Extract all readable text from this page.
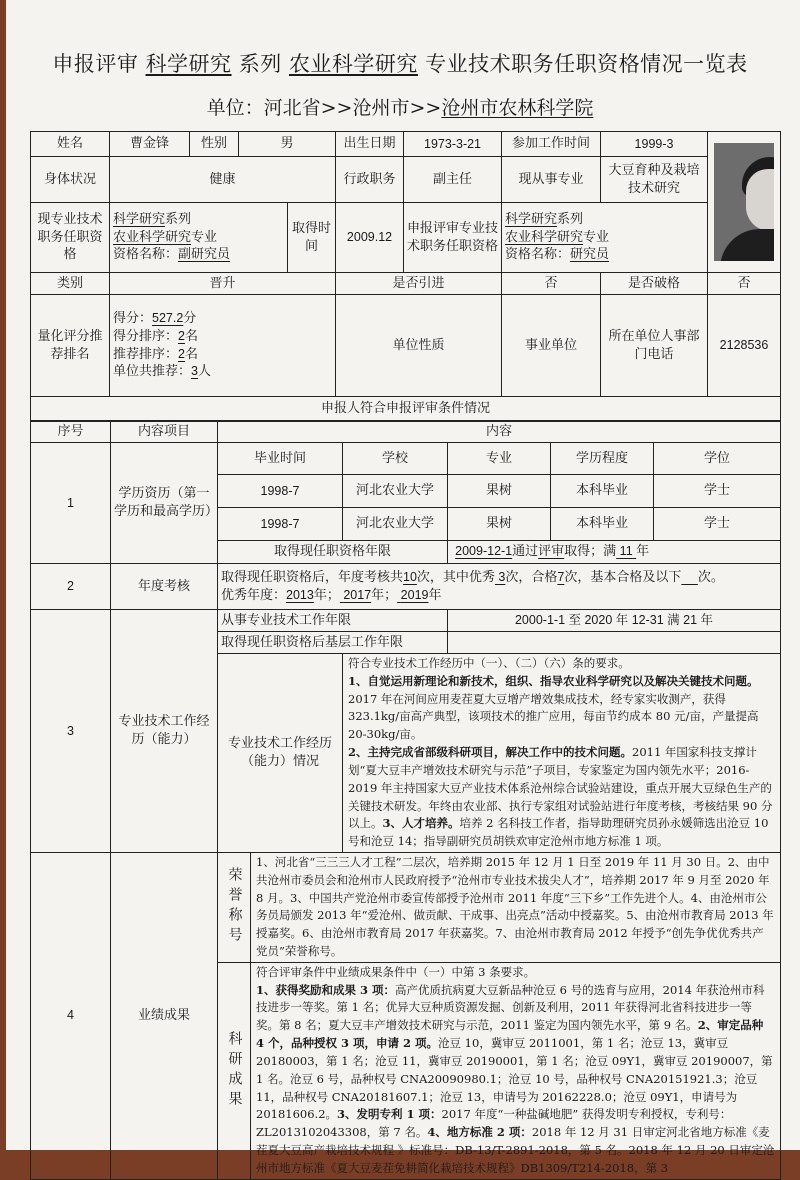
申报评审 科学研究 系列 农业科学研究 专业技术职务任职资格情况一览表
单位：河北省>>沧州市>>沧州市农林科学院
姓名	曹金锋	性别	男		出生日期	1973-3-21	参加工作时间	1999-3	

身体状况	健康				行政职务	副主任	现从事专业	大豆育种及栽培技术研究	
现专业技术职务任职资格	科学研究系列
农业科学研究专业
资格名称：副研究员			取得时间	2009.12	申报评审专业技术职务任职资格	科学研究系列
农业科学研究专业
资格名称：研究员		
类别	晋升				是否引进		否	是否破格	否
量化评分推荐排名	得分：527.2分
得分排序：2名
推荐排序：2名
单位共推荐：3人				单位性质		事业单位	所在单位人事部门电话	2128536
申报人符合申报评审条件情况									
序号	内容项目	内容					
1	学历资历（第一学历和最高学历）	毕业时间		学校	专业	学历程度	学位
		1998-7		河北农业大学	果树	本科毕业	学士
		1998-7		河北农业大学	果树	本科毕业	学士
		取得现任职资格年限			2009-12-1通过评审取得；满 11 年		
2	年度考核	取得现任职资格后，年度考核共10次，其中优秀 3次，合格7次，基本合格及以下 次。
优秀年度：2013年； 2017年； 2019年					
3	专业技术工作经历（能力）	从事专业技术工作年限			2000-1-1 至 2020 年 12-31 满 21 年		
		取得现任职资格后基层工作年限					
		专业技术工作经历（能力）情况		符合专业技术工作经历中（一）、（二）（六）条的要求。
1、自觉运用新理论和新技术，组织、指导农业科学研究以及解决关键技术问题。2017 年在河间应用麦茬夏大豆增产增效集成技术，经专家实收测产，获得 323.1kg/亩高产典型，该项技术的推广应用，每亩节约成本 80 元/亩，产量提高 20-30kg/亩。
2、主持完成省部级科研项目，解决工作中的技术问题。2011 年国家科技支撑计划“夏大豆丰产增效技术研究与示范”子项目，专家鉴定为国内领先水平；2016-2019 年主持国家大豆产业技术体系沧州综合试验站建设，重点开展大豆绿色生产的关键技术研发。年终由农业部、执行专家组对试验站进行年度考核，考核结果 90 分以上。3、人才培养。培养 2 名科技工作者，指导助理研究员孙永媛筛选出沧豆 10 号和沧豆 14；指导副研究员胡铁欢审定沧州市地方标准 1 项。			
4	业绩成果	荣誉称号	1、河北省“三三三人才工程”二层次，培养期 2015 年 12 月 1 日至 2019 年 11 月 30 日。2、由中共沧州市委员会和沧州市人民政府授予“沧州市专业技术拔尖人才”，培养期 2017 年 9 月至 2020 年 8 月。3、中国共产党沧州市委宣传部授予沧州市 2011 年度“三下乡”工作先进个人。4、由沧州市公务员局颁发 2013 年“爱沧州、做贡献、干成事、出亮点”活动中授嘉奖。5、由沧州市教育局 2013 年授嘉奖。6、由沧州市教育局 2017 年获嘉奖。7、由沧州市教育局 2012 年授予“创先争优优秀共产党员”荣誉称号。				
		科研成果	符合评审条件中业绩成果条件中（一）中第 3 条要求。
1、获得奖励和成果 3 项：高产优质抗病夏大豆新品种沧豆 6 号的选育与应用，2014 年获沧州市科技进步一等奖。第 1 名；优异大豆种质资源发掘、创新及利用，2011 年获得河北省科技进步一等奖。第 8 名；夏大豆丰产增效技术研究与示范，2011 鉴定为国内领先水平，第 9 名。2、审定品种 4 个，品种授权 3 项，申请 2 项。沧豆 10，冀审豆 2011001，第 1 名；沧豆 13，冀审豆 20180003，第 1 名；沧豆 11，冀审豆 20190001，第 1 名；沧豆 09Y1，冀审豆 20190007，第 1 名。沧豆 6 号，品种权号 CNA20090980.1；沧豆 10 号，品种权号 CNA20151921.3；沧豆 11，品种权号 CNA20181607.1；沧豆 13，申请号为 20162228.0；沧豆 09Y1，申请号为 20181606.2。3、发明专利 1 项：2017 年度“一种盐碱地肥” 获得发明专利授权，专利号：ZL2013102043308，第 7 名。4、地方标准 2 项：2018 年 12 月 31 日审定河北省地方标准《麦茬夏大豆高产栽培技术规程 》标准号：DB-13/T-2891-2018，第 5 名。2018 年 12 月 20 日审定沧州市地方标准《夏大豆麦茬免耕简化栽培技术规程》DB1309/T214-2018，第 3				
